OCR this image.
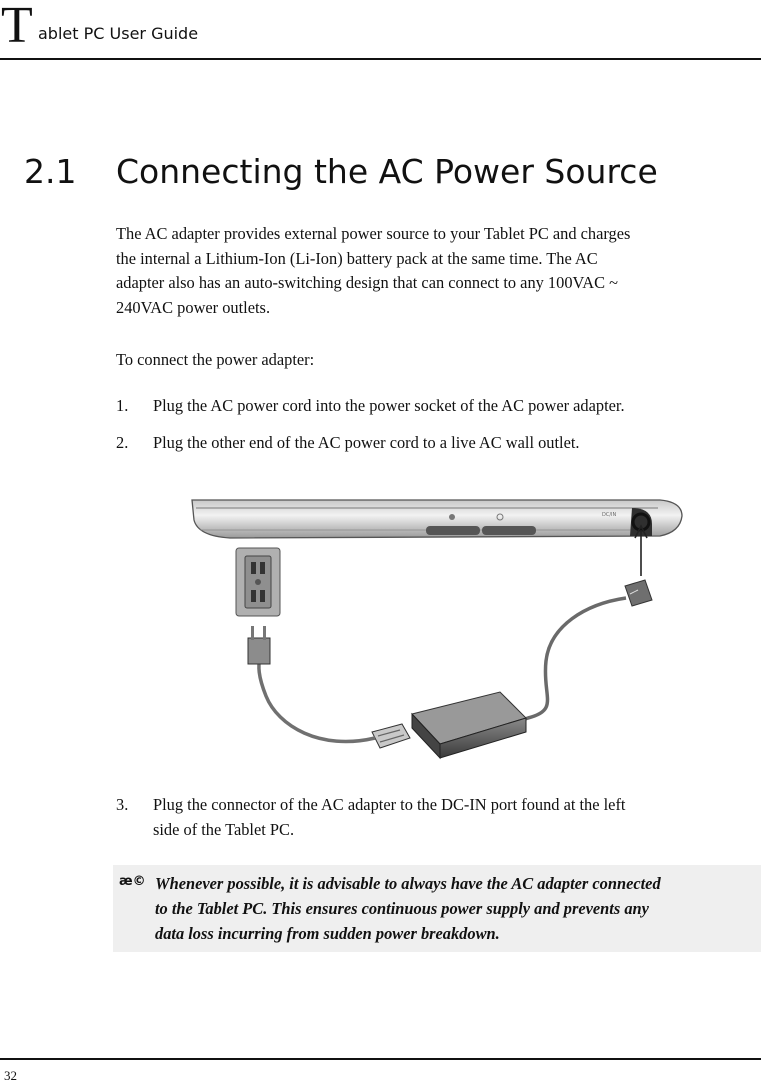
T ablet PC User Guide
2.1 Connecting the AC Power Source
The AC adapter provides external power source to your Tablet PC and charges
the internal a Lithium-Ion (Li-Ion) battery pack at the same time. The AC
adapter also has an auto-switching design that can connect to any 100VAC ~
240VAC power outlets.
To connect the power adapter:
1. Plug the AC power cord into the power socket of the AC power adapter.
2. Plug the other end of the AC power cord to a live AC wall outlet.
DC/IN
3. Plug the connector of the AC adapter to the DC-IN port found at the left
side of the Tablet PC.
æ© Whenever possible, it is advisable to always have the AC adapter connected
to the Tablet PC. This ensures continuous power supply and prevents any
data loss incurring from sudden power breakdown.
32
